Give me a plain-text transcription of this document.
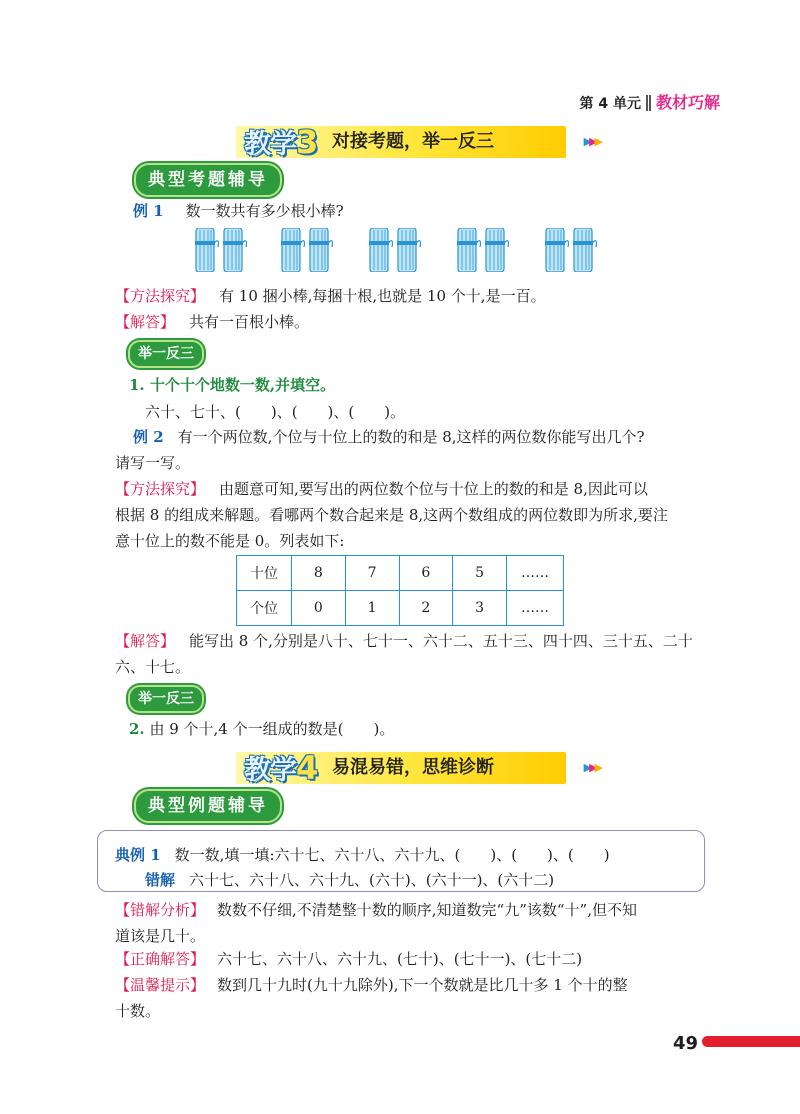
第 4 单元 教材巧解
教学3 对接考题，举一反三	▶▶▶
典型考题辅导
例 1 数一数共有多少根小棒?
【方法探究】 有 10 捆小棒,每捆十根,也就是 10 个十,是一百。
【解答】 共有一百根小棒。
举一反三
1. 十个十个地数一数,并填空。
六十、七十、(　　)、(　　)、(　　)。
例 2 有一个两位数,个位与十位上的数的和是 8,这样的两位数你能写出几个?
请写一写。
【方法探究】 由题意可知,要写出的两位数个位与十位上的数的和是 8,因此可以
根据 8 的组成来解题。看哪两个数合起来是 8,这两个数组成的两位数即为所求,要注
意十位上的数不能是 0。列表如下:
十位	8	7	6	5	……
个位	0	1	2	3	……
【解答】 能写出 8 个,分别是八十、七十一、六十二、五十三、四十四、三十五、二十
六、十七。
举一反三
2. 由 9 个十,4 个一组成的数是(　　)。
教学4 易混易错，思维诊断	▶▶▶
典型例题辅导
典例 1 数一数,填一填:六十七、六十八、六十九、(　　)、(　　)、(　　)
错解 六十七、六十八、六十九、(六十)、(六十一)、(六十二)
【错解分析】 数数不仔细,不清楚整十数的顺序,知道数完“九”该数“十”,但不知
道该是几十。
【正确解答】 六十七、六十八、六十九、(七十)、(七十一)、(七十二)
【温馨提示】 数到几十九时(九十九除外),下一个数就是比几十多 1 个十的整
十数。
49
